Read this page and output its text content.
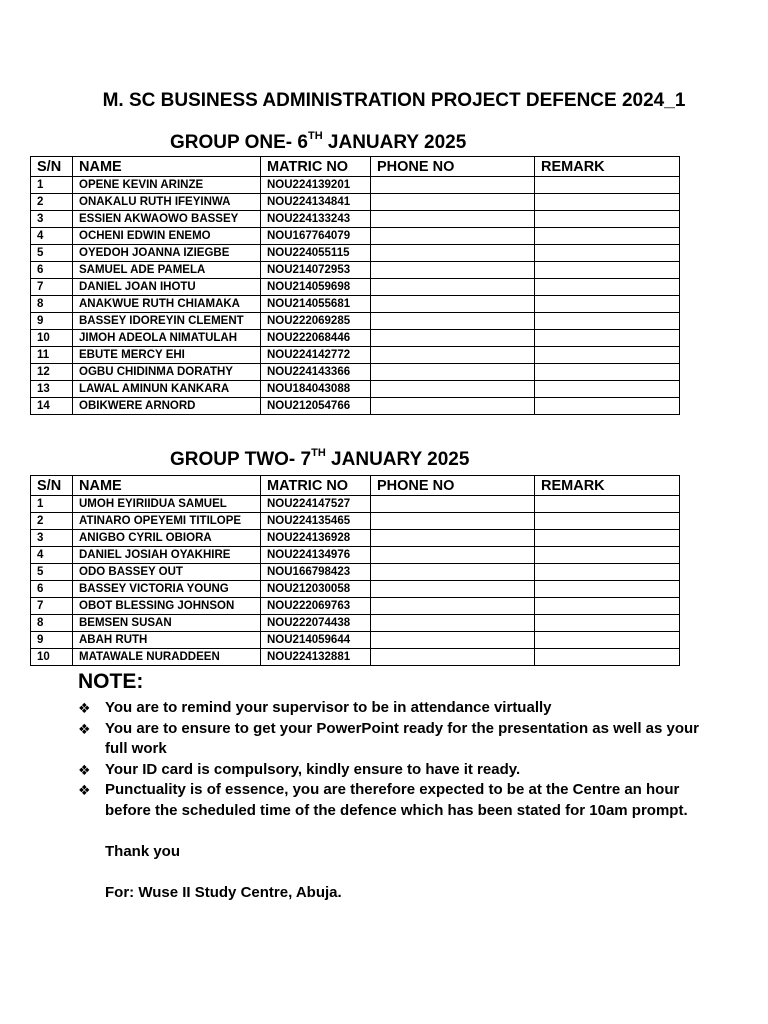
M. SC BUSINESS ADMINISTRATION PROJECT DEFENCE 2024_1
GROUP ONE- 6TH JANUARY 2025
S/N	NAME	MATRIC NO	PHONE NO	REMARK
1	OPENE KEVIN ARINZE	NOU224139201		
2	ONAKALU RUTH IFEYINWA	NOU224134841		
3	ESSIEN AKWAOWO BASSEY	NOU224133243		
4	OCHENI EDWIN ENEMO	NOU167764079		
5	OYEDOH JOANNA IZIEGBE	NOU224055115		
6	SAMUEL ADE PAMELA	NOU214072953		
7	DANIEL JOAN IHOTU	NOU214059698		
8	ANAKWUE RUTH CHIAMAKA	NOU214055681		
9	BASSEY IDOREYIN CLEMENT	NOU222069285		
10	JIMOH ADEOLA NIMATULAH	NOU222068446		
11	EBUTE MERCY EHI	NOU224142772		
12	OGBU CHIDINMA DORATHY	NOU224143366		
13	LAWAL AMINUN KANKARA	NOU184043088		
14	OBIKWERE ARNORD	NOU212054766		
GROUP TWO- 7TH JANUARY 2025
S/N	NAME	MATRIC NO	PHONE NO	REMARK
1	UMOH EYIRIIDUA SAMUEL	NOU224147527		
2	ATINARO OPEYEMI TITILOPE	NOU224135465		
3	ANIGBO CYRIL OBIORA	NOU224136928		
4	DANIEL JOSIAH OYAKHIRE	NOU224134976		
5	ODO BASSEY OUT	NOU166798423		
6	BASSEY VICTORIA YOUNG	NOU212030058		
7	OBOT BLESSING JOHNSON	NOU222069763		
8	BEMSEN SUSAN	NOU222074438		
9	ABAH RUTH	NOU214059644		
10	MATAWALE NURADDEEN	NOU224132881		
NOTE:
❖ You are to remind your supervisor to be in attendance virtually
❖ You are to ensure to get your PowerPoint ready for the presentation as well as your full work
❖ Your ID card is compulsory, kindly ensure to have it ready.
❖ Punctuality is of essence, you are therefore expected to be at the Centre an hour before the scheduled time of the defence which has been stated for 10am prompt.
Thank you
For: Wuse II Study Centre, Abuja.
